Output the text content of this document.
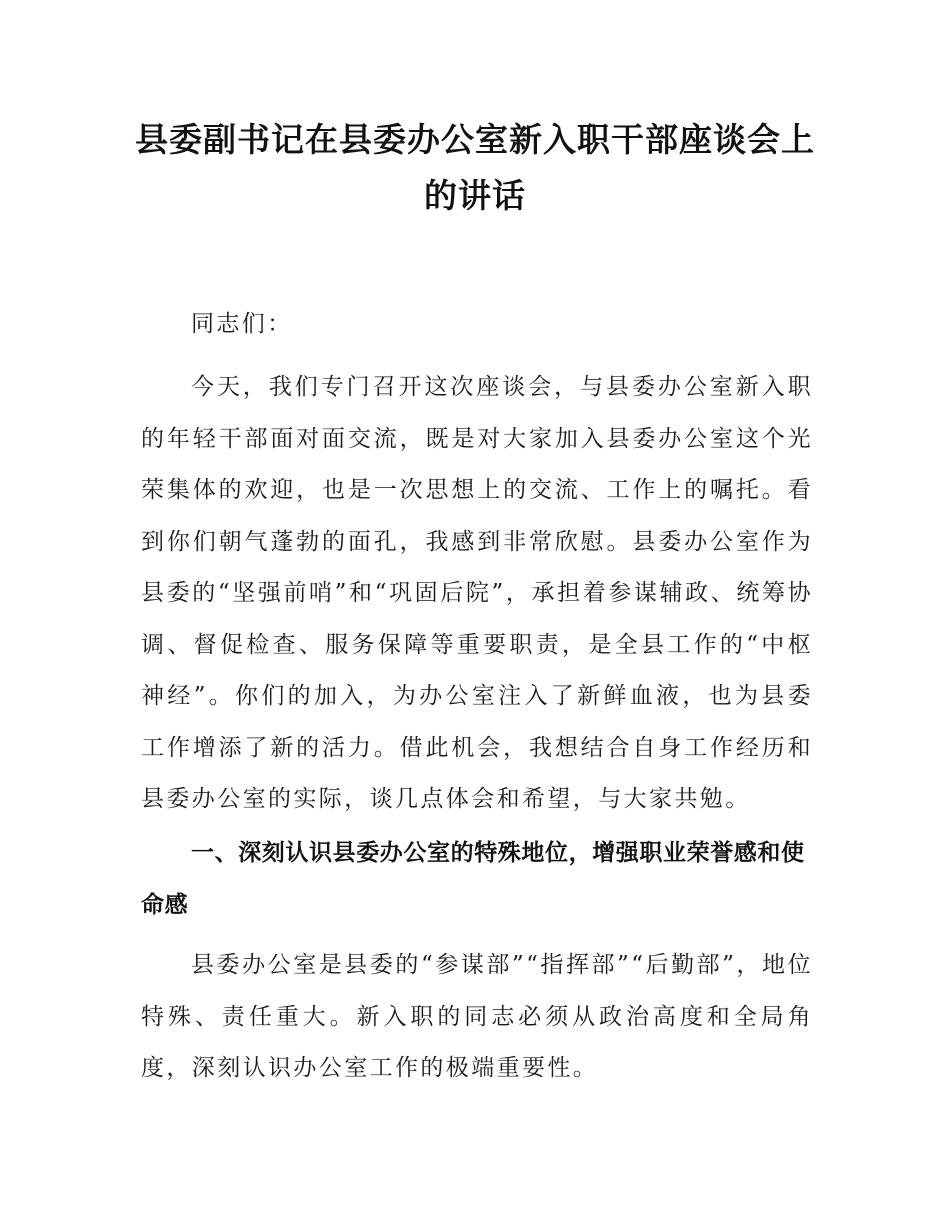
县委副书记在县委办公室新入职干部座谈会上的讲话

同志们：

今天，我们专门召开这次座谈会，与县委办公室新入职的年轻干部面对面交流，既是对大家加入县委办公室这个光荣集体的欢迎，也是一次思想上的交流、工作上的嘱托。看到你们朝气蓬勃的面孔，我感到非常欣慰。县委办公室作为县委的“坚强前哨”和“巩固后院”，承担着参谋辅政、统筹协调、督促检查、服务保障等重要职责，是全县工作的“中枢神经”。你们的加入，为办公室注入了新鲜血液，也为县委工作增添了新的活力。借此机会，我想结合自身工作经历和县委办公室的实际，谈几点体会和希望，与大家共勉。

一、深刻认识县委办公室的特殊地位，增强职业荣誉感和使命感

县委办公室是县委的“参谋部”“指挥部”“后勤部”，地位特殊、责任重大。新入职的同志必须从政治高度和全局角度，深刻认识办公室工作的极端重要性。
